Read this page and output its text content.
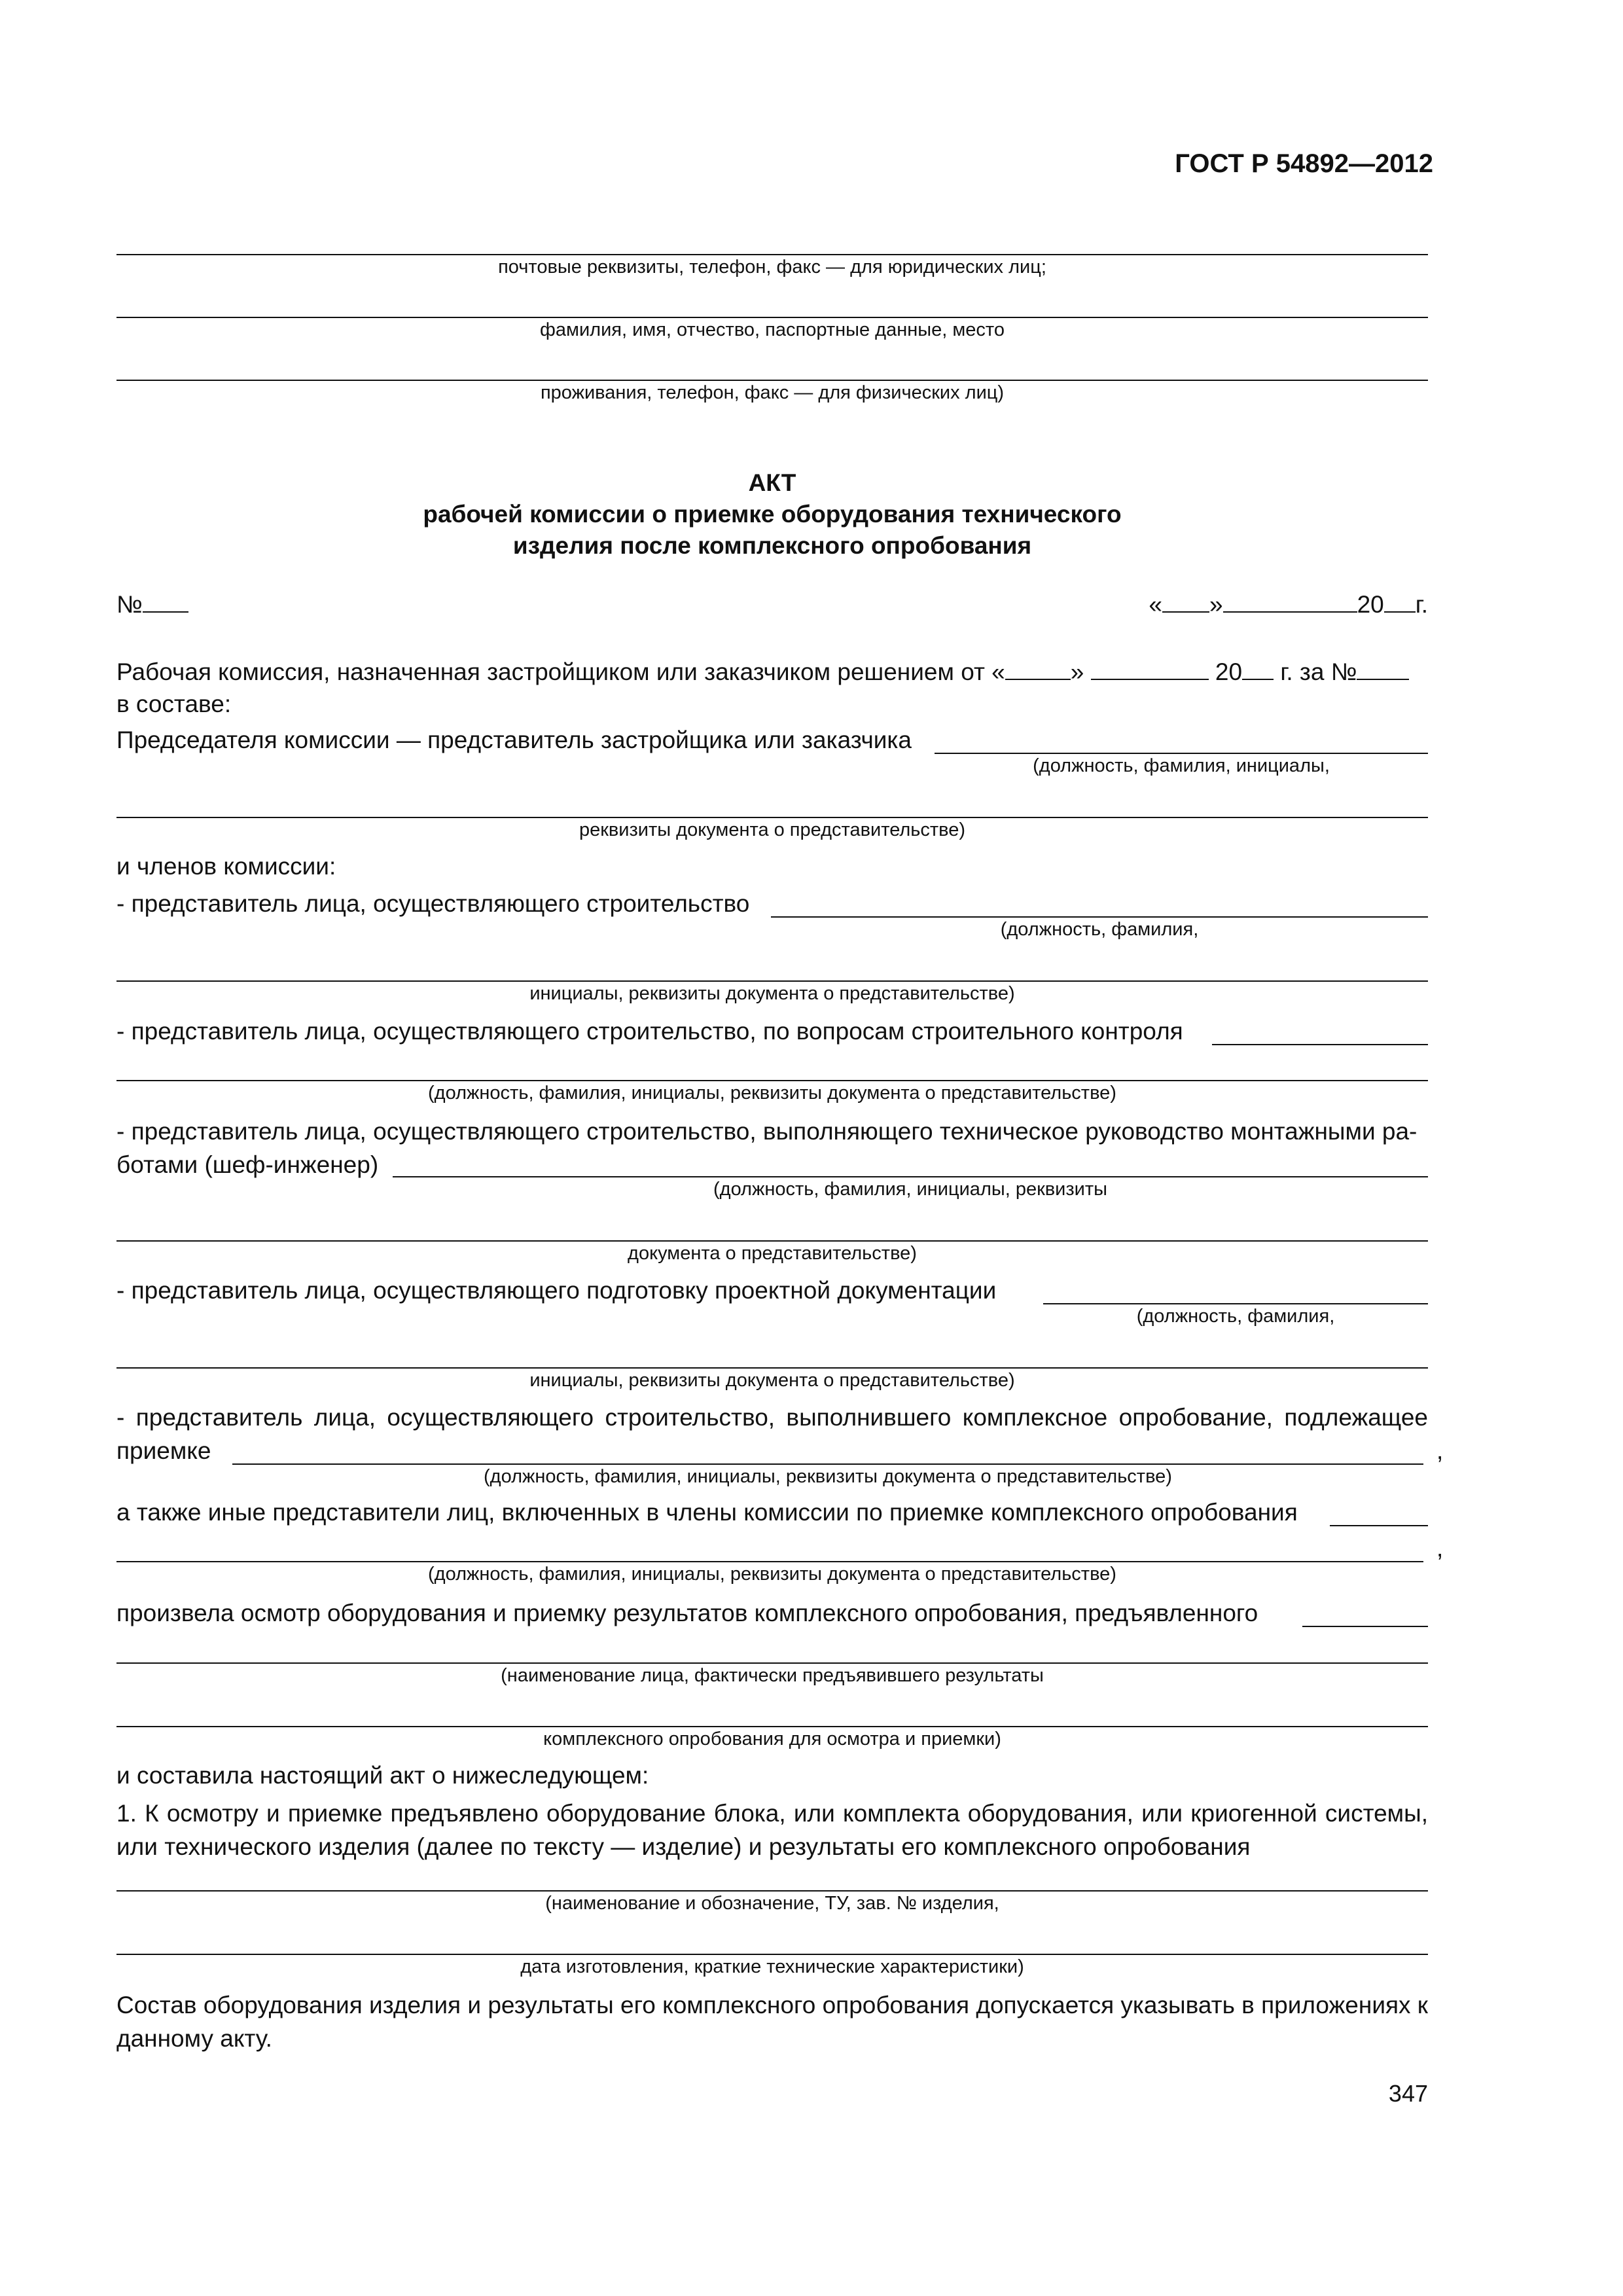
ГОСТ Р 54892—2012
почтовые реквизиты, телефон, факс — для юридических лиц;
фамилия, имя, отчество, паспортные данные, место
проживания, телефон, факс — для физических лиц)
АКТ
рабочей комиссии о приемке оборудования технического
изделия после комплексного опробования
№	« »	20 г.
Рабочая комиссия, назначенная застройщиком или заказчиком решением от «	»	20 г. за №
в составе:
Председателя комиссии — представитель застройщика или заказчика
(должность, фамилия, инициалы,
реквизиты документа о представительстве)
и членов комиссии:
- представитель лица, осуществляющего строительство
(должность, фамилия,
инициалы, реквизиты документа о представительстве)
- представитель лица, осуществляющего строительство, по вопросам строительного контроля
(должность, фамилия, инициалы, реквизиты документа о представительстве)
- представитель лица, осуществляющего строительство, выполняющего техническое руководство монтажными ра-
ботами (шеф-инженер)
(должность, фамилия, инициалы, реквизиты
документа о представительстве)
- представитель лица, осуществляющего подготовку проектной документации
(должность, фамилия,
инициалы, реквизиты документа о представительстве)
- представитель лица, осуществляющего строительство, выполнившего комплексное опробование, подлежащее
приемке	,
(должность, фамилия, инициалы, реквизиты документа о представительстве)
а также иные представители лиц, включенных в члены комиссии по приемке комплексного опробования
,
(должность, фамилия, инициалы, реквизиты документа о представительстве)
произвела осмотр оборудования и приемку результатов комплексного опробования, предъявленного
(наименование лица, фактически предъявившего результаты
комплексного опробования для осмотра и приемки)
и составила настоящий акт о нижеследующем:
1. К осмотру и приемке предъявлено оборудование блока, или комплекта оборудования, или криогенной системы, или технического изделия (далее по тексту — изделие) и результаты его комплексного опробования
(наименование и обозначение, ТУ, зав. № изделия,
дата изготовления, краткие технические характеристики)
Состав оборудования изделия и результаты его комплексного опробования допускается указывать в приложениях к данному акту.
347
